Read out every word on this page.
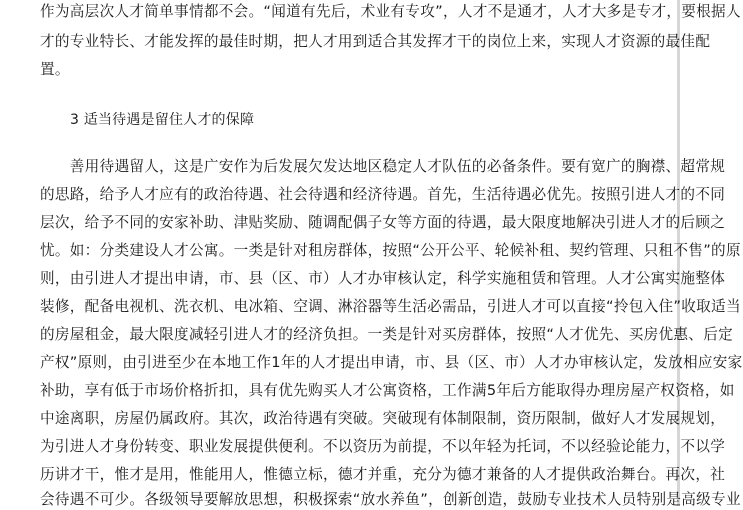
作为高层次人才简单事情都不会。“闻道有先后，术业有专攻”，人才不是通才，人才大多是专才，要根据人
才的专业特长、才能发挥的最佳时期，把人才用到适合其发挥才干的岗位上来，实现人才资源的最佳配
置。
3 适当待遇是留住人才的保障
　　善用待遇留人，这是广安作为后发展欠发达地区稳定人才队伍的必备条件。要有宽广的胸襟、超常规
的思路，给予人才应有的政治待遇、社会待遇和经济待遇。首先，生活待遇必优先。按照引进人才的不同
层次，给予不同的安家补助、津贴奖励、随调配偶子女等方面的待遇，最大限度地解决引进人才的后顾之
忧。如：分类建设人才公寓。一类是针对租房群体，按照“公开公平、轮候补租、契约管理、只租不售”的原
则，由引进人才提出申请，市、县（区、市）人才办审核认定，科学实施租赁和管理。人才公寓实施整体
装修，配备电视机、洗衣机、电冰箱、空调、淋浴器等生活必需品，引进人才可以直接“拎包入住”收取适当
的房屋租金，最大限度减轻引进人才的经济负担。一类是针对买房群体，按照“人才优先、买房优惠、后定
产权”原则，由引进至少在本地工作1年的人才提出申请，市、县（区、市）人才办审核认定，发放相应安家
补助，享有低于市场价格折扣，具有优先购买人才公寓资格，工作满5年后方能取得办理房屋产权资格，如
中途离职，房屋仍属政府。其次，政治待遇有突破。突破现有体制限制，资历限制，做好人才发展规划，
为引进人才身份转变、职业发展提供便利。不以资历为前提，不以年轻为托词，不以经验论能力，不以学
历讲才干，惟才是用，惟能用人，惟德立标，德才并重，充分为德才兼备的人才提供政治舞台。再次，社
会待遇不可少。各级领导要解放思想，积极探索“放水养鱼”，创新创造，鼓励专业技术人员特别是高级专业
